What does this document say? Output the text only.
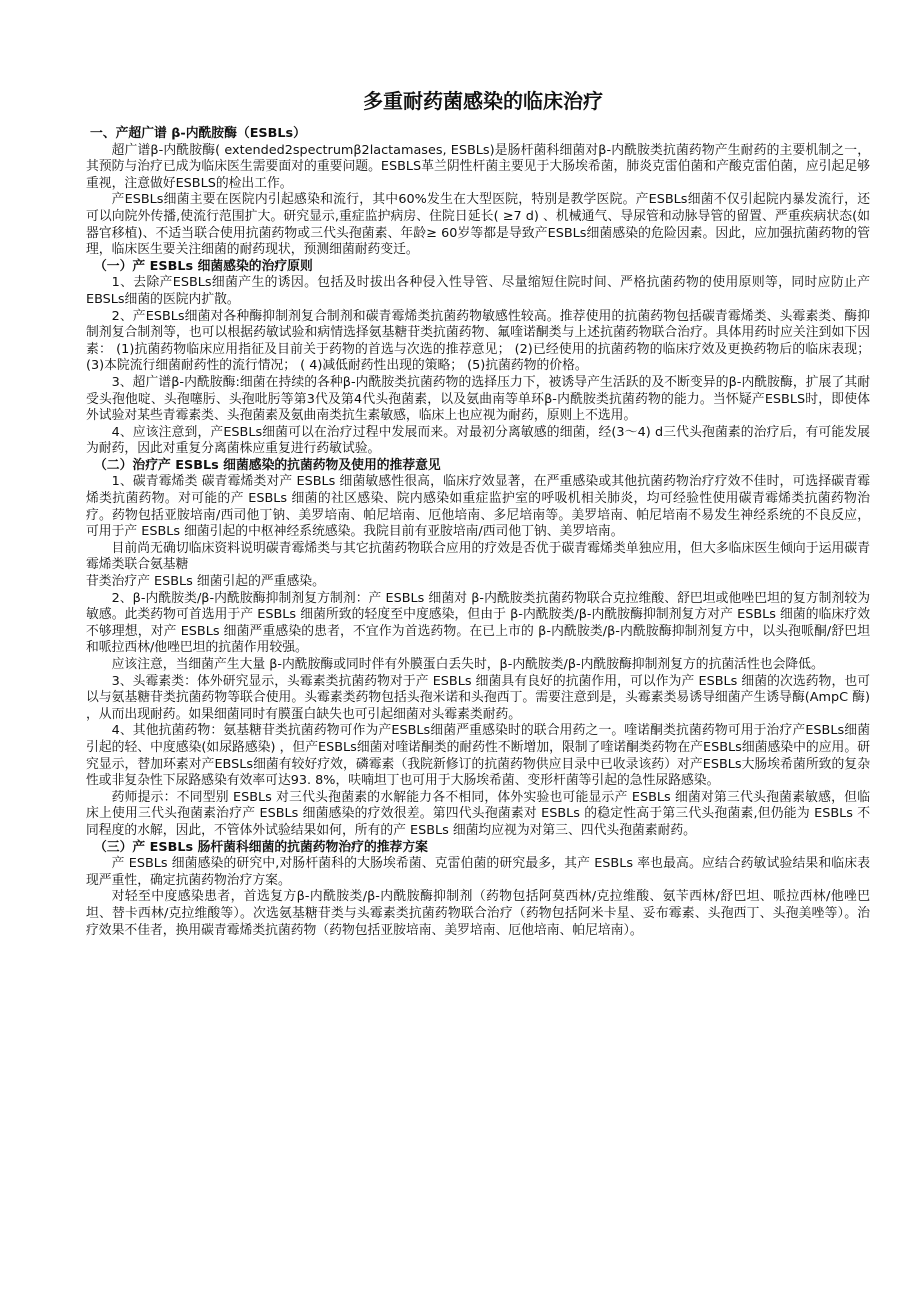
多重耐药菌感染的临床治疗
一、产超广谱 β-内酰胺酶（ESBLs）

超广谱β-内酰胺酶( extended2spectrumβ2lactamases, ESBLs)是肠杆菌科细菌对β-内酰胺类抗菌药物产生耐药的主要机制之一，其预防与治疗已成为临床医生需要面对的重要问题。ESBLS革兰阴性杆菌主要见于大肠埃希菌，肺炎克雷伯菌和产酸克雷伯菌，应引起足够重视，注意做好ESBLS的检出工作。

产ESBLs细菌主要在医院内引起感染和流行，其中60%发生在大型医院，特别是教学医院。产ESBLs细菌不仅引起院内暴发流行，还可以向院外传播,使流行范围扩大。研究显示,重症监护病房、住院日延长( ≥7 d) 、机械通气、导尿管和动脉导管的留置、严重疾病状态(如器官移植)、不适当联合使用抗菌药物或三代头孢菌素、年龄≥ 60岁等都是导致产ESBLs细菌感染的危险因素。因此，应加强抗菌药物的管理，临床医生要关注细菌的耐药现状，预测细菌耐药变迁。

（一）产 ESBLs 细菌感染的治疗原则

1、去除产ESBLs细菌产生的诱因。包括及时拔出各种侵入性导管、尽量缩短住院时间、严格抗菌药物的使用原则等，同时应防止产EBSLs细菌的医院内扩散。

2、产ESBLs细菌对各种酶抑制剂复合制剂和碳青霉烯类抗菌药物敏感性较高。推荐使用的抗菌药物包括碳青霉烯类、头霉素类、酶抑制剂复合制剂等，也可以根据药敏试验和病情选择氨基糖苷类抗菌药物、氟喹诺酮类与上述抗菌药物联合治疗。具体用药时应关注到如下因素： (1)抗菌药物临床应用指征及目前关于药物的首选与次选的推荐意见； (2)已经使用的抗菌药物的临床疗效及更换药物后的临床表现； (3)本院流行细菌耐药性的流行情况； ( 4)减低耐药性出现的策略； (5)抗菌药物的价格。

3、超广谱β-内酰胺酶:细菌在持续的各种β-内酰胺类抗菌药物的选择压力下，被诱导产生活跃的及不断变异的β-内酰胺酶，扩展了其耐受头孢他啶、头孢噻肟、头孢吡肟等第3代及第4代头孢菌素，以及氨曲南等单环β-内酰胺类抗菌药物的能力。当怀疑产ESBLS时，即使体外试验对某些青霉素类、头孢菌素及氨曲南类抗生素敏感，临床上也应视为耐药，原则上不选用。

4、应该注意到，产ESBLs细菌可以在治疗过程中发展而来。对最初分离敏感的细菌，经(3～4) d三代头孢菌素的治疗后，有可能发展为耐药，因此对重复分离菌株应重复进行药敏试验。

（二）治疗产 ESBLs 细菌感染的抗菌药物及使用的推荐意见

1、碳青霉烯类 碳青霉烯类对产 ESBLs 细菌敏感性很高，临床疗效显著，在严重感染或其他抗菌药物治疗疗效不佳时，可选择碳青霉烯类抗菌药物。对可能的产 ESBLs 细菌的社区感染、院内感染如重症监护室的呼吸机相关肺炎，均可经验性使用碳青霉烯类抗菌药物治疗。药物包括亚胺培南/西司他丁钠、美罗培南、帕尼培南、厄他培南、多尼培南等。美罗培南、帕尼培南不易发生神经系统的不良反应，可用于产 ESBLs 细菌引起的中枢神经系统感染。我院目前有亚胺培南/西司他丁钠、美罗培南。

目前尚无确切临床资料说明碳青霉烯类与其它抗菌药物联合应用的疗效是否优于碳青霉烯类单独应用，但大多临床医生倾向于运用碳青霉烯类联合氨基糖

苷类治疗产 ESBLs 细菌引起的严重感染。

2、β-内酰胺类/β-内酰胺酶抑制剂复方制剂：产 ESBLs 细菌对 β-内酰胺类抗菌药物联合克拉维酸、舒巴坦或他唑巴坦的复方制剂较为敏感。此类药物可首选用于产 ESBLs 细菌所致的轻度至中度感染，但由于 β-内酰胺类/β-内酰胺酶抑制剂复方对产 ESBLs 细菌的临床疗效不够理想，对产 ESBLs 细菌严重感染的患者，不宜作为首选药物。在已上市的 β-内酰胺类/β-内酰胺酶抑制剂复方中，以头孢哌酮/舒巴坦和哌拉西林/他唑巴坦的抗菌作用较强。

应该注意，当细菌产生大量 β-内酰胺酶或同时伴有外膜蛋白丢失时，β-内酰胺类/β-内酰胺酶抑制剂复方的抗菌活性也会降低。

3、头霉素类：体外研究显示，头霉素类抗菌药物对于产 ESBLs 细菌具有良好的抗菌作用，可以作为产 ESBLs 细菌的次选药物，也可以与氨基糖苷类抗菌药物等联合使用。头霉素类药物包括头孢米诺和头孢西丁。需要注意到是，头霉素类易诱导细菌产生诱导酶(AmpC 酶) ，从而出现耐药。如果细菌同时有膜蛋白缺失也可引起细菌对头霉素类耐药。

4、其他抗菌药物：氨基糖苷类抗菌药物可作为产ESBLs细菌严重感染时的联合用药之一。喹诺酮类抗菌药物可用于治疗产ESBLs细菌引起的轻、中度感染(如尿路感染) ，但产ESBLs细菌对喹诺酮类的耐药性不断增加，限制了喹诺酮类药物在产ESBLs细菌感染中的应用。研究显示，替加环素对产EBSLs细菌有较好疗效，磷霉素（我院新修订的抗菌药物供应目录中已收录该药）对产ESBLs大肠埃希菌所致的复杂性或非复杂性下尿路感染有效率可达93. 8%，呋喃坦丁也可用于大肠埃希菌、变形杆菌等引起的急性尿路感染。

药师提示：不同型别 ESBLs 对三代头孢菌素的水解能力各不相同，体外实验也可能显示产 ESBLs 细菌对第三代头孢菌素敏感，但临床上使用三代头孢菌素治疗产 ESBLs 细菌感染的疗效很差。第四代头孢菌素对 ESBLs 的稳定性高于第三代头孢菌素,但仍能为 ESBLs 不同程度的水解，因此，不管体外试验结果如何，所有的产 ESBLs 细菌均应视为对第三、四代头孢菌素耐药。

（三）产 ESBLs 肠杆菌科细菌的抗菌药物治疗的推荐方案

产 ESBLs 细菌感染的研究中,对肠杆菌科的大肠埃希菌、克雷伯菌的研究最多，其产 ESBLs 率也最高。应结合药敏试验结果和临床表现严重性，确定抗菌药物治疗方案。

对轻至中度感染患者，首选复方β-内酰胺类/β-内酰胺酶抑制剂（药物包括阿莫西林/克拉维酸、氨苄西林/舒巴坦、哌拉西林/他唑巴坦、替卡西林/克拉维酸等）。次选氨基糖苷类与头霉素类抗菌药物联合治疗（药物包括阿米卡星、妥布霉素、头孢西丁、头孢美唑等）。治疗效果不佳者，换用碳青霉烯类抗菌药物（药物包括亚胺培南、美罗培南、厄他培南、帕尼培南）。
